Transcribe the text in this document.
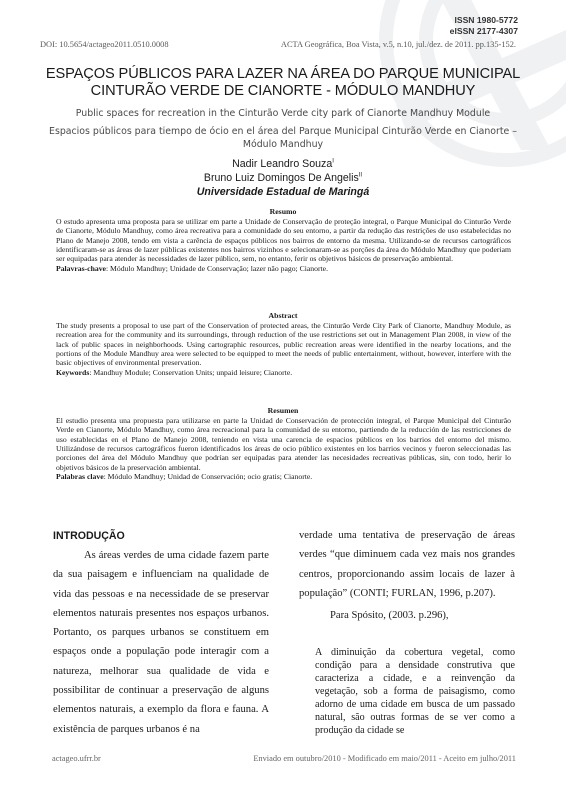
ISSN 1980-5772
eISSN 2177-4307
DOI: 10.5654/actageo2011.0510.0008	ACTA Geográfica, Boa Vista, v.5, n.10, jul./dez. de 2011. pp.135-152.
ESPAÇOS PÚBLICOS PARA LAZER NA ÁREA DO PARQUE MUNICIPAL
CINTURÃO VERDE DE CIANORTE - MÓDULO MANDHUY
Public spaces for recreation in the Cinturão Verde city park of Cianorte Mandhuy Module
Espacios públicos para tiempo de ócio en el área del Parque Municipal Cinturão Verde en Cianorte – Módulo Mandhuy
Nadir Leandro Souza$^I$
Bruno Luiz Domingos De Angelis$^{II}$
Universidade Estadual de Maringá
Resumo
O estudo apresenta uma proposta para se utilizar em parte a Unidade de Conservação de proteção integral, o Parque Municipal do Cinturão Verde de Cianorte, Módulo Mandhuy, como área recreativa para a comunidade do seu entorno, a partir da redução das restrições de uso estabelecidas no Plano de Manejo 2008, tendo em vista a carência de espaços públicos nos bairros de entorno da mesma. Utilizando-se de recursos cartográficos identificaram-se as áreas de lazer públicas existentes nos bairros vizinhos e selecionaram-se as porções da área do Módulo Mandhuy que poderiam ser equipadas para atender às necessidades de lazer público, sem, no entanto, ferir os objetivos básicos de preservação ambiental.
Palavras-chave: Módulo Mandhuy; Unidade de Conservação; lazer não pago; Cianorte.
Abstract
The study presents a proposal to use part of the Conservation of protected areas, the Cinturão Verde City Park of Cianorte, Mandhuy Module, as recreation area for the community and its surroundings, through reduction of the use restrictions set out in Management Plan 2008, in view of the lack of public spaces in neighborhoods. Using cartographic resources, public recreation areas were identified in the nearby locations, and the portions of the Module Mandhuy area were selected to be equipped to meet the needs of public entertainment, without, however, interfere with the basic objectives of environmental preservation.
Keywords: Mandhuy Module; Conservation Units; unpaid leisure; Cianorte.
Resumen
El estudio presenta una propuesta para utilizarse en parte la Unidad de Conservación de protección integral, el Parque Municipal del Cinturão Verde en Cianorte, Módulo Mandhuy, como área recreacional para la comunidad de su entorno, partiendo de la reducción de las restricciones de uso establecidas en el Plano de Manejo 2008, teniendo en vista una carencia de espacios públicos en los barrios del entorno del mismo. Utilizándose de recursos cartográficos fueron identificados los áreas de ocio público existentes en los barrios vecinos y fueron seleccionadas las porciones del área del Módulo Mandhuy que podrían ser equipadas para atender las necesidades recreativas públicas, sin, con todo, herir lo objetivos básicos de la preservación ambiental.
Palabras clave: Módulo Mandhuy; Unidad de Conservación; ocio gratis; Cianorte.
INTRODUÇÃO

As áreas verdes de uma cidade fazem parte da sua paisagem e influenciam na qualidade de vida das pessoas e na necessidade de se preservar elementos naturais presentes nos espaços urbanos. Portanto, os parques urbanos se constituem em espaços onde a população pode interagir com a natureza, melhorar sua qualidade de vida e possibilitar de continuar a preservação de alguns elementos naturais, a exemplo da flora e fauna. A existência de parques urbanos é na

verdade uma tentativa de preservação de áreas verdes “que diminuem cada vez mais nos grandes centros, proporcionando assim locais de lazer à população” (CONTI; FURLAN, 1996, p.207).

Para Spósito, (2003. p.296),

A diminuição da cobertura vegetal, como condição para a densidade construtiva que caracteriza a cidade, e a reinvenção da vegetação, sob a forma de paisagismo, como adorno de uma cidade em busca de um passado natural, são outras formas de se ver como a produção da cidade se
actageo.ufrr.br	Enviado em outubro/2010 - Modificado em maio/2011 - Aceito em julho/2011
